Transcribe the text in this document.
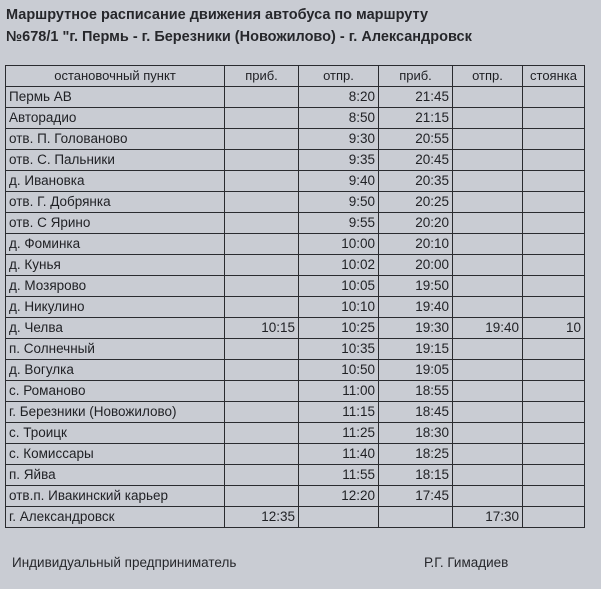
Маршрутное расписание движения автобуса по маршруту
№678/1 "г. Пермь - г. Березники (Новожилово) - г. Александровск
остановочный пункт	приб.	отпр.	приб.	отпр.	стоянка
Пермь АВ		8:20	21:45		
Авторадио		8:50	21:15		
отв. П. Голованово		9:30	20:55		
отв. С. Пальники		9:35	20:45		
д. Ивановка		9:40	20:35		
отв. Г. Добрянка		9:50	20:25		
отв. С Ярино		9:55	20:20		
д. Фоминка		10:00	20:10		
д. Кунья		10:02	20:00		
д. Мозярово		10:05	19:50		
д. Никулино		10:10	19:40		
д. Челва	10:15	10:25	19:30	19:40	10
п. Солнечный		10:35	19:15		
д. Вогулка		10:50	19:05		
с. Романово		11:00	18:55		
г. Березники (Новожилово)		11:15	18:45		
с. Троицк		11:25	18:30		
с. Комиссары		11:40	18:25		
п. Яйва		11:55	18:15		
отв.п. Ивакинский карьер		12:20	17:45		
г. Александровск	12:35			17:30	
Индивидуальный предприниматель	Р.Г. Гимадиев
